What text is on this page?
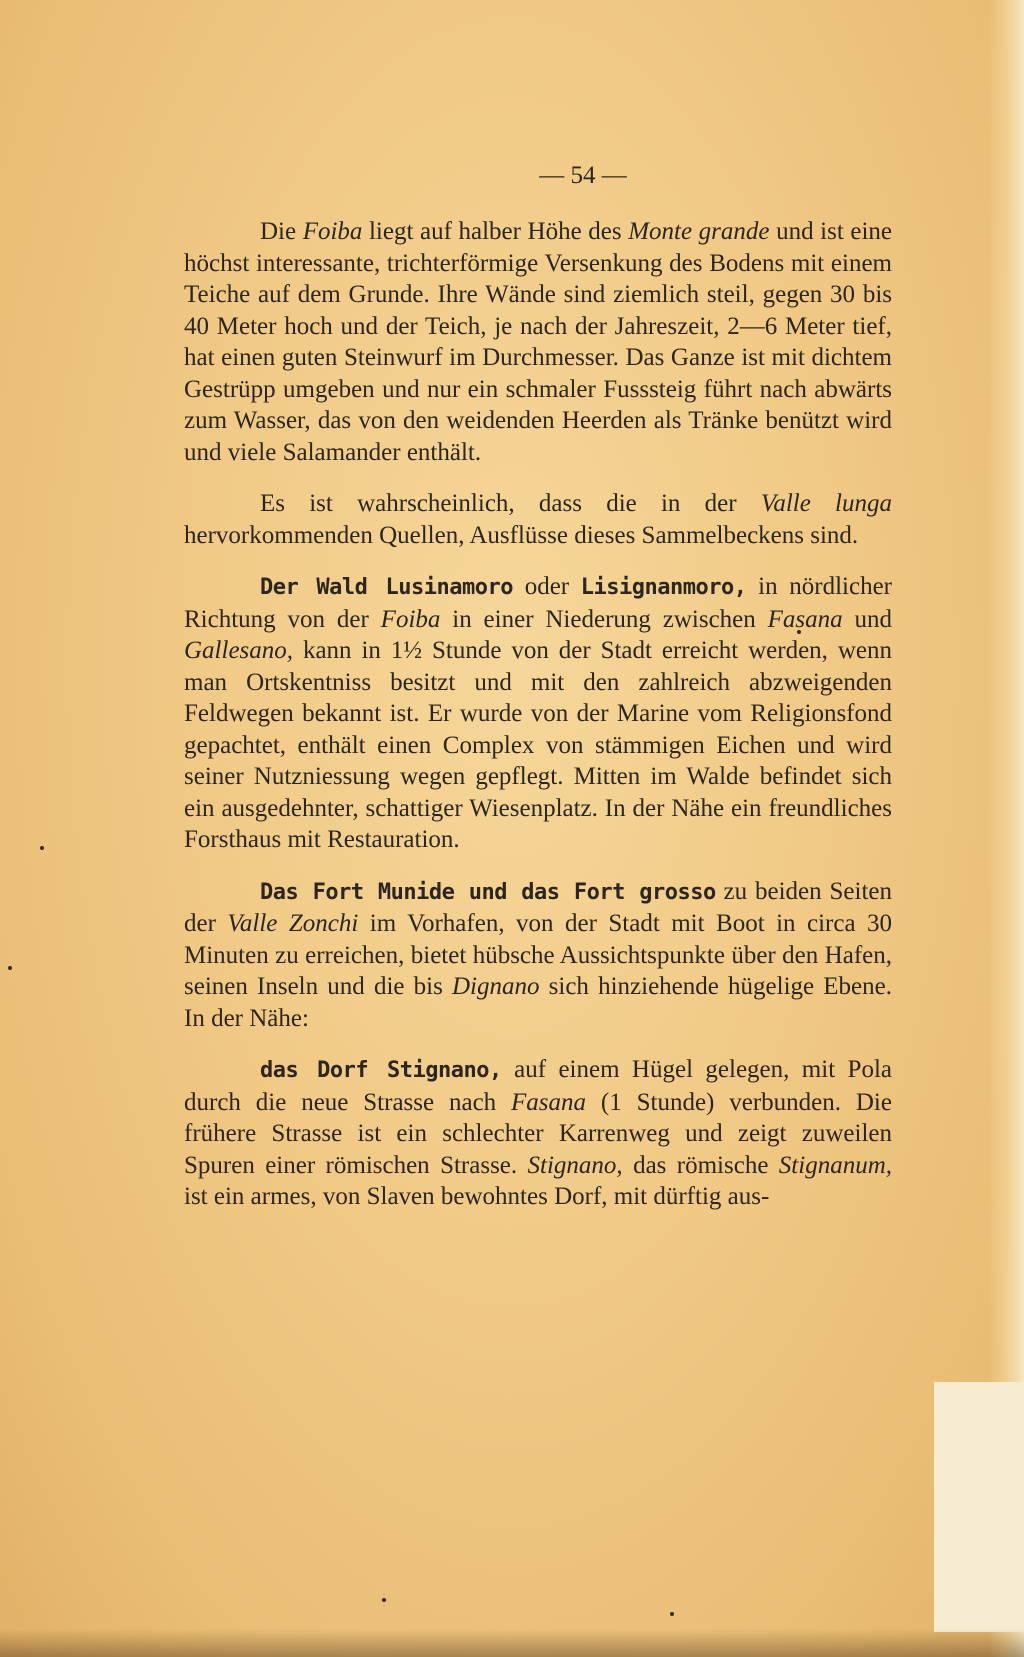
— 54 —

Die Foiba liegt auf halber Höhe des Monte grande und ist eine höchst interessante, trichterförmige Versenkung des Bodens mit einem Teiche auf dem Grunde. Ihre Wände sind ziemlich steil, gegen 30 bis 40 Meter hoch und der Teich, je nach der Jahreszeit, 2—6 Meter tief, hat einen guten Steinwurf im Durchmesser. Das Ganze ist mit dichtem Gestrüpp umgeben und nur ein schmaler Fusssteig führt nach abwärts zum Wasser, das von den weidenden Heerden als Tränke benützt wird und viele Salamander enthält.

Es ist wahrscheinlich, dass die in der Valle lunga hervorkommenden Quellen, Ausflüsse dieses Sammelbeckens sind.

Der Wald Lusinamoro oder Lisignanmoro, in nördlicher Richtung von der Foiba in einer Niederung zwischen Fasana und Gallesano, kann in 1½ Stunde von der Stadt erreicht werden, wenn man Ortskentniss besitzt und mit den zahlreich abzweigenden Feldwegen bekannt ist. Er wurde von der Marine vom Religionsfond gepachtet, enthält einen Complex von stämmigen Eichen und wird seiner Nutzniessung wegen gepflegt. Mitten im Walde befindet sich ein ausgedehnter, schattiger Wiesenplatz. In der Nähe ein freundliches Forsthaus mit Restauration.

Das Fort Munide und das Fort grosso zu beiden Seiten der Valle Zonchi im Vorhafen, von der Stadt mit Boot in circa 30 Minuten zu erreichen, bietet hübsche Aussichtspunkte über den Hafen, seinen Inseln und die bis Dignano sich hinziehende hügelige Ebene. In der Nähe:

das Dorf Stignano, auf einem Hügel gelegen, mit Pola durch die neue Strasse nach Fasana (1 Stunde) verbunden. Die frühere Strasse ist ein schlechter Karrenweg und zeigt zuweilen Spuren einer römischen Strasse. Stignano, das römische Stignanum, ist ein armes, von Slaven bewohntes Dorf, mit dürftig aus-
